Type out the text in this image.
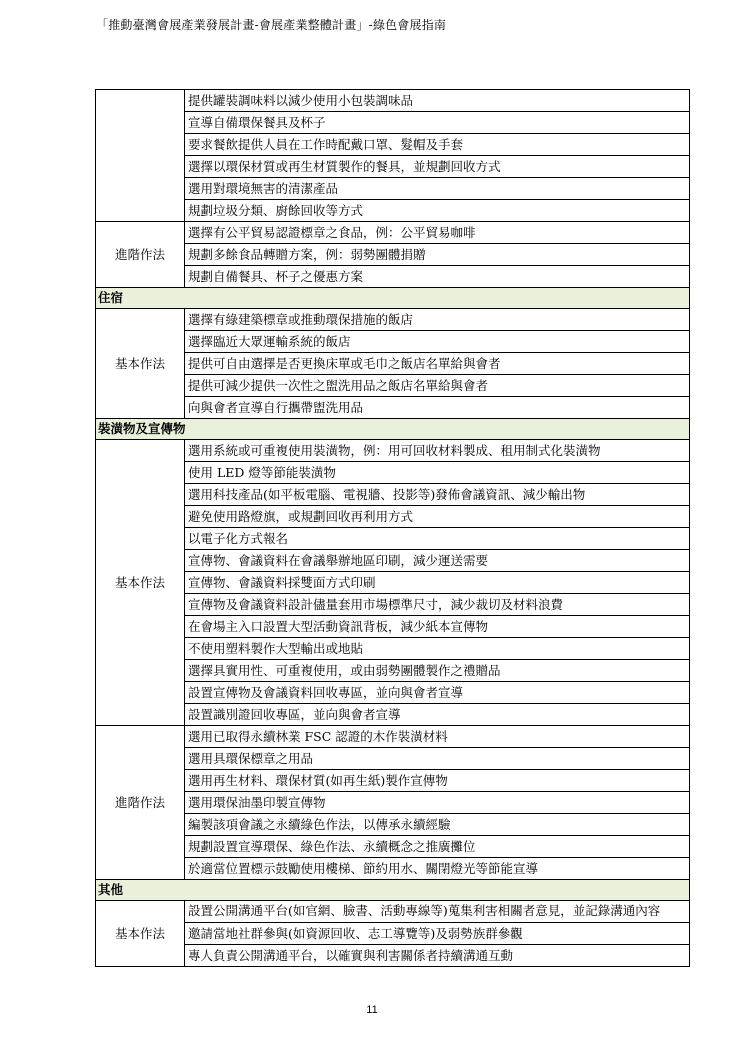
「推動臺灣會展產業發展計畫-會展產業整體計畫」-綠色會展指南
	提供罐裝調味料以減少使用小包裝調味品
	宣導自備環保餐具及杯子
	要求餐飲提供人員在工作時配戴口罩、髮帽及手套
	選擇以環保材質或再生材質製作的餐具，並規劃回收方式
	選用對環境無害的清潔產品
	規劃垃圾分類、廚餘回收等方式
進階作法	選擇有公平貿易認證標章之食品，例：公平貿易咖啡
	規劃多餘食品轉贈方案，例：弱勢團體捐贈
	規劃自備餐具、杯子之優惠方案
住宿	
基本作法	選擇有綠建築標章或推動環保措施的飯店
	選擇臨近大眾運輸系統的飯店
	提供可自由選擇是否更換床單或毛巾之飯店名單給與會者
	提供可減少提供一次性之盥洗用品之飯店名單給與會者
	向與會者宣導自行攜帶盥洗用品
裝潢物及宣傳物	
基本作法	選用系統或可重複使用裝潢物，例：用可回收材料製成、租用制式化裝潢物
	使用 LED 燈等節能裝潢物
	選用科技產品(如平板電腦、電視牆、投影等)發佈會議資訊、減少輸出物
	避免使用路燈旗，或規劃回收再利用方式
	以電子化方式報名
	宣傳物、會議資料在會議舉辦地區印刷，減少運送需要
	宣傳物、會議資料採雙面方式印刷
	宣傳物及會議資料設計儘量套用市場標準尺寸，減少裁切及材料浪費
	在會場主入口設置大型活動資訊背板，減少紙本宣傳物
	不使用塑料製作大型輸出或地貼
	選擇具實用性、可重複使用，或由弱勢團體製作之禮贈品
	設置宣傳物及會議資料回收專區，並向與會者宣導
	設置識別證回收專區，並向與會者宣導
進階作法	選用已取得永續林業 FSC 認證的木作裝潢材料
	選用具環保標章之用品
	選用再生材料、環保材質(如再生紙)製作宣傳物
	選用環保油墨印製宣傳物
	編製該項會議之永續綠色作法，以傳承永續經驗
	規劃設置宣導環保、綠色作法、永續概念之推廣攤位
	於適當位置標示鼓勵使用樓梯、節約用水、關閉燈光等節能宣導
其他	
基本作法	設置公開溝通平台(如官網、臉書、活動專線等)蒐集利害相關者意見，並記錄溝通內容
	邀請當地社群參與(如資源回收、志工導覽等)及弱勢族群參觀
	專人負責公開溝通平台，以確實與利害關係者持續溝通互動
11
